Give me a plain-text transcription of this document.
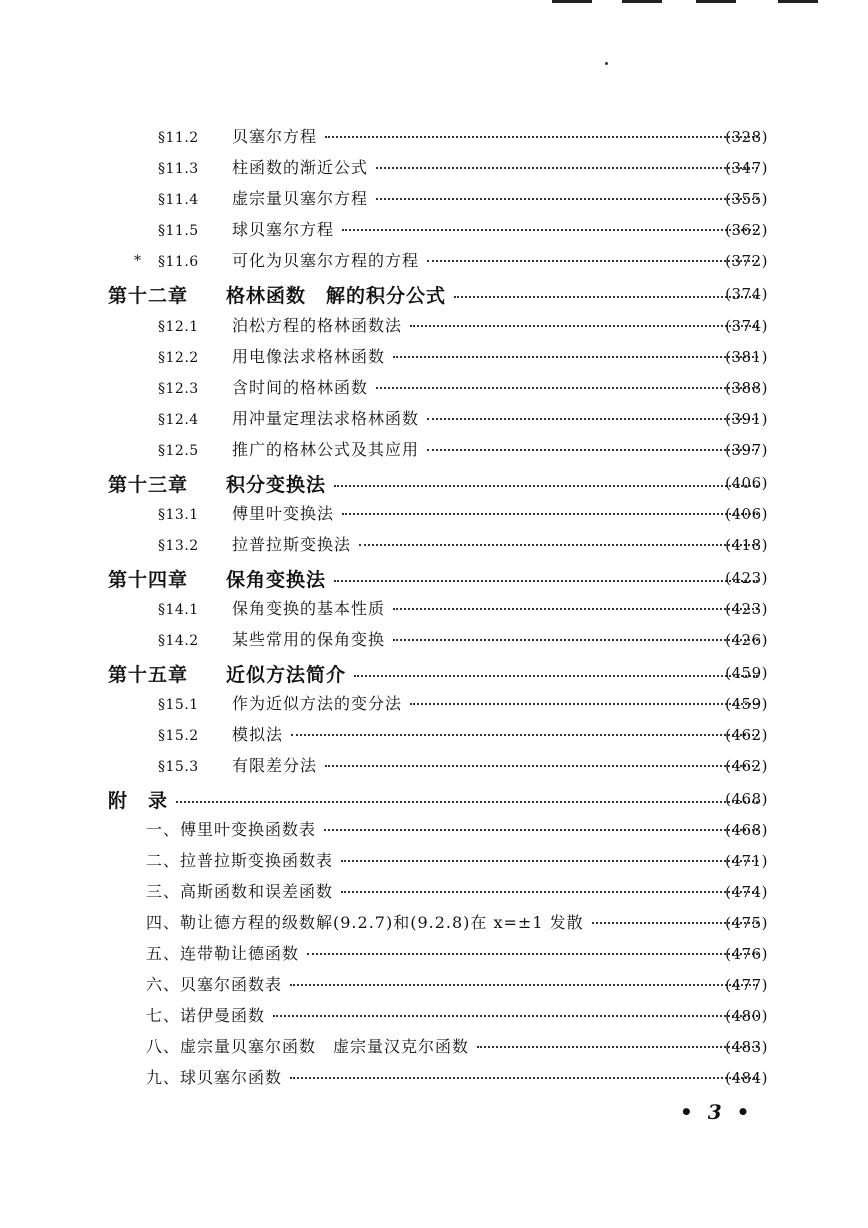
§11.2 贝塞尔方程	(328)
§11.3 柱函数的渐近公式	(347)
§11.4 虚宗量贝塞尔方程	(355)
§11.5 球贝塞尔方程	(362)
* §11.6 可化为贝塞尔方程的方程	(372)
第十二章 格林函数　解的积分公式	(374)
§12.1 泊松方程的格林函数法	(374)
§12.2 用电像法求格林函数	(381)
§12.3 含时间的格林函数	(388)
§12.4 用冲量定理法求格林函数	(391)
§12.5 推广的格林公式及其应用	(397)
第十三章 积分变换法	(406)
§13.1 傅里叶变换法	(406)
§13.2 拉普拉斯变换法	(418)
第十四章 保角变换法	(423)
§14.1 保角变换的基本性质	(423)
§14.2 某些常用的保角变换	(426)
第十五章 近似方法简介	(459)
§15.1 作为近似方法的变分法	(459)
§15.2 模拟法	(462)
§15.3 有限差分法	(462)
附　录	(468)
一、傅里叶变换函数表	(468)
二、拉普拉斯变换函数表	(471)
三、高斯函数和误差函数	(474)
四、勒让德方程的级数解(9.2.7)和(9.2.8)在 x=±1 发散	(475)
五、连带勒让德函数	(476)
六、贝塞尔函数表	(477)
七、诺伊曼函数	(480)
八、虚宗量贝塞尔函数　虚宗量汉克尔函数	(483)
九、球贝塞尔函数	(484)
• 3 •
